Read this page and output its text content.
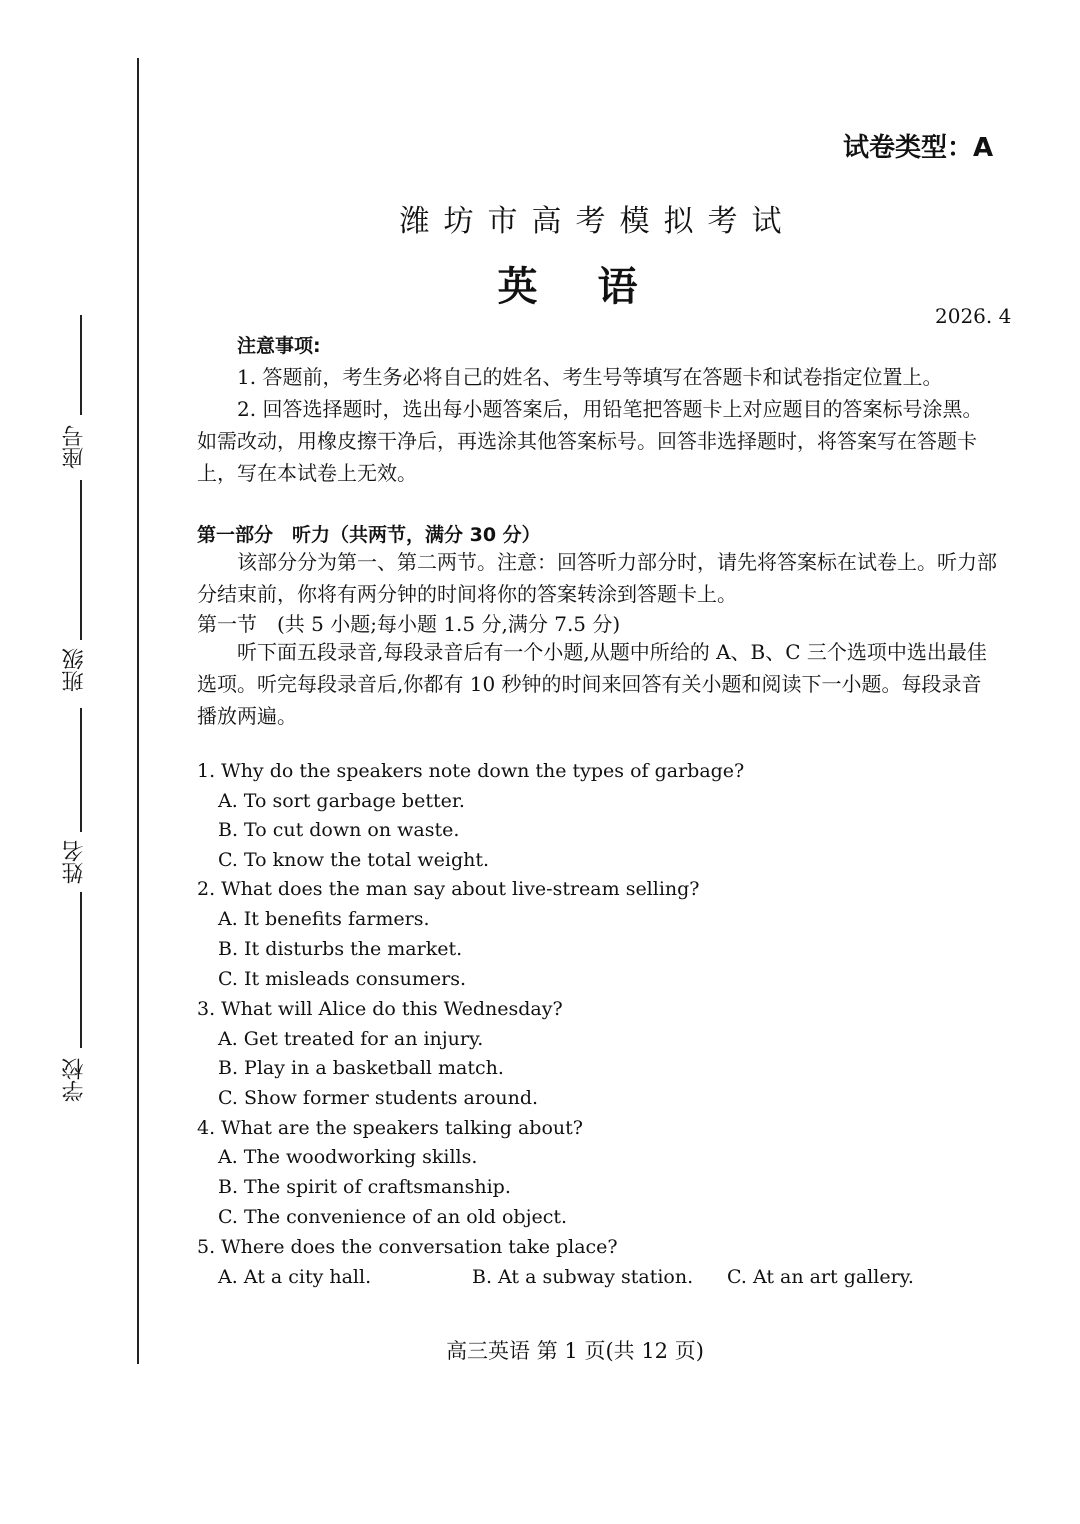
座号
班级
姓名
学校
试卷类型：A
潍坊市高考模拟考试
英语
2026. 4
注意事项:
1. 答题前，考生务必将自己的姓名、考生号等填写在答题卡和试卷指定位置上。
2. 回答选择题时，选出每小题答案后，用铅笔把答题卡上对应题目的答案标号涂黑。如需改动，用橡皮擦干净后，再选涂其他答案标号。回答非选择题时，将答案写在答题卡上，写在本试卷上无效。
第一部分　听力（共两节，满分 30 分）
该部分分为第一、第二两节。注意：回答听力部分时，请先将答案标在试卷上。听力部分结束前，你将有两分钟的时间将你的答案转涂到答题卡上。
第一节　(共 5 小题;每小题 1.5 分,满分 7.5 分)
听下面五段录音,每段录音后有一个小题,从题中所给的 A、B、C 三个选项中选出最佳选项。听完每段录音后,你都有 10 秒钟的时间来回答有关小题和阅读下一小题。每段录音播放两遍。
1. Why do the speakers note down the types of garbage?
A. To sort garbage better.
B. To cut down on waste.
C. To know the total weight.
2. What does the man say about live-stream selling?
A. It benefits farmers.
B. It disturbs the market.
C. It misleads consumers.
3. What will Alice do this Wednesday?
A. Get treated for an injury.
B. Play in a basketball match.
C. Show former students around.
4. What are the speakers talking about?
A. The woodworking skills.
B. The spirit of craftsmanship.
C. The convenience of an old object.
5. Where does the conversation take place?
A. At a city hall.	B. At a subway station. C. At an art gallery.
高三英语 第 1 页(共 12 页)
